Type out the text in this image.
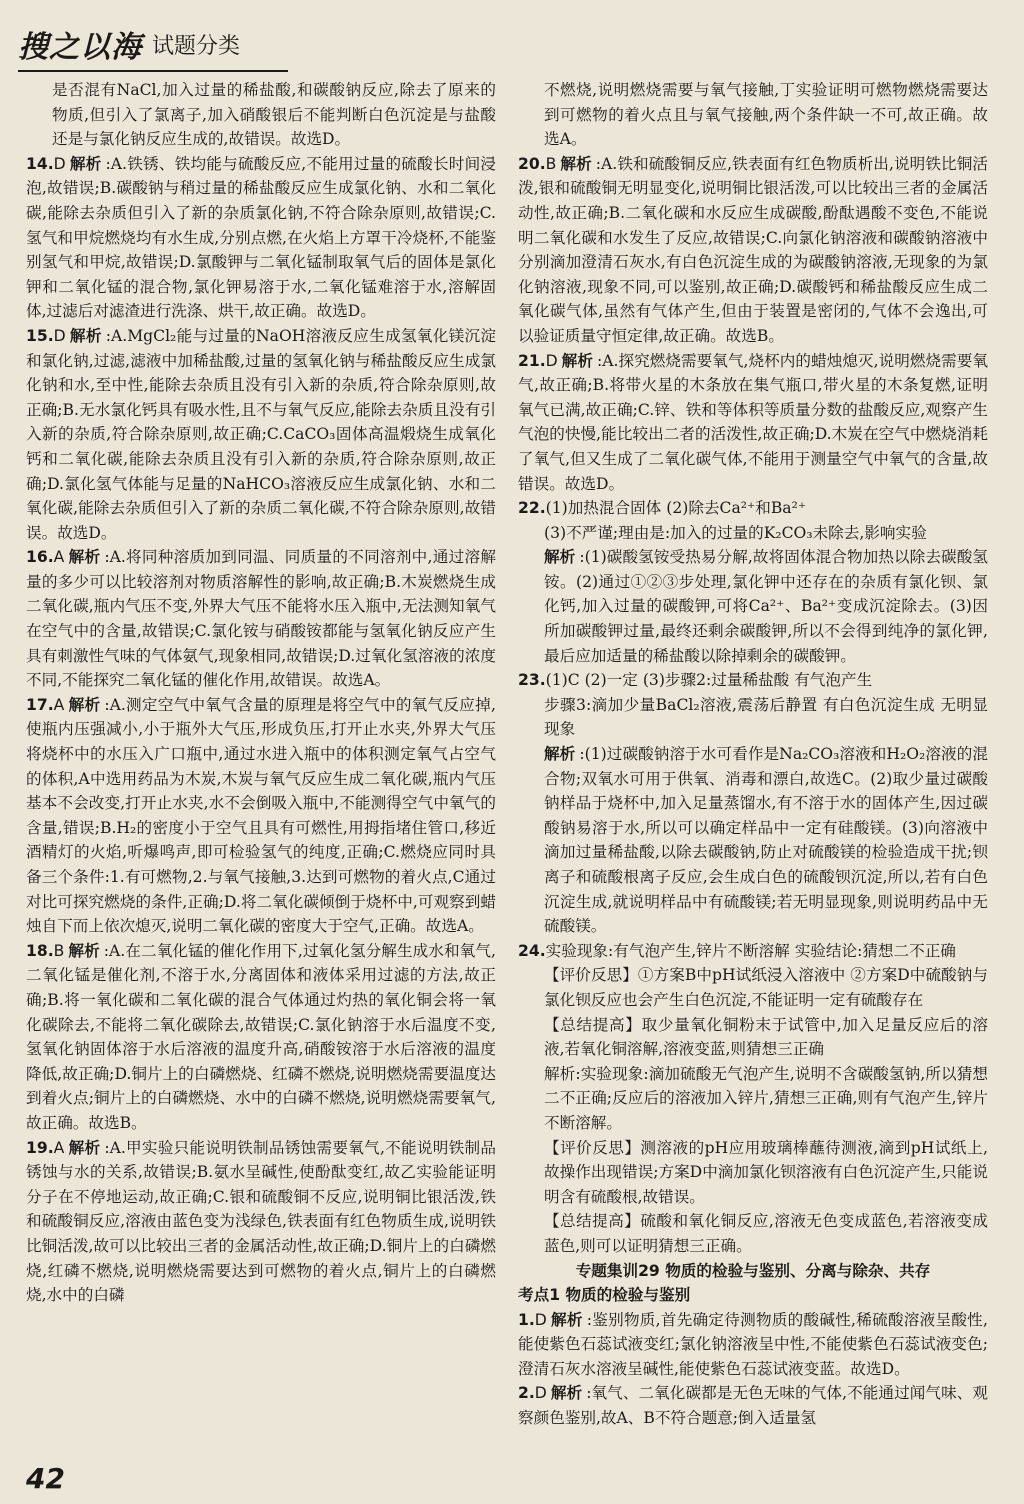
搜之以海 试题分类

是否混有NaCl,加入过量的稀盐酸,和碳酸钠反应,除去了原来的物质,但引入了氯离子,加入硝酸银后不能判断白色沉淀是与盐酸还是与氯化钠反应生成的,故错误。故选D。

14.D 解析 :A.铁锈、铁均能与硫酸反应,不能用过量的硫酸长时间浸泡,故错误;B.碳酸钠与稍过量的稀盐酸反应生成氯化钠、水和二氧化碳,能除去杂质但引入了新的杂质氯化钠,不符合除杂原则,故错误;C.氢气和甲烷燃烧均有水生成,分别点燃,在火焰上方罩干冷烧杯,不能鉴别氢气和甲烷,故错误;D.氯酸钾与二氧化锰制取氧气后的固体是氯化钾和二氧化锰的混合物,氯化钾易溶于水,二氧化锰难溶于水,溶解固体,过滤后对滤渣进行洗涤、烘干,故正确。故选D。

15.D 解析 :A.MgCl₂能与过量的NaOH溶液反应生成氢氧化镁沉淀和氯化钠,过滤,滤液中加稀盐酸,过量的氢氧化钠与稀盐酸反应生成氯化钠和水,至中性,能除去杂质且没有引入新的杂质,符合除杂原则,故正确;B.无水氯化钙具有吸水性,且不与氧气反应,能除去杂质且没有引入新的杂质,符合除杂原则,故正确;C.CaCO₃固体高温煅烧生成氧化钙和二氧化碳,能除去杂质且没有引入新的杂质,符合除杂原则,故正确;D.氯化氢气体能与足量的NaHCO₃溶液反应生成氯化钠、水和二氧化碳,能除去杂质但引入了新的杂质二氧化碳,不符合除杂原则,故错误。故选D。

16.A 解析 :A.将同种溶质加到同温、同质量的不同溶剂中,通过溶解量的多少可以比较溶剂对物质溶解性的影响,故正确;B.木炭燃烧生成二氧化碳,瓶内气压不变,外界大气压不能将水压入瓶中,无法测知氧气在空气中的含量,故错误;C.氯化铵与硝酸铵都能与氢氧化钠反应产生具有刺激性气味的气体氨气,现象相同,故错误;D.过氧化氢溶液的浓度不同,不能探究二氧化锰的催化作用,故错误。故选A。

17.A 解析 :A.测定空气中氧气含量的原理是将空气中的氧气反应掉,使瓶内压强减小,小于瓶外大气压,形成负压,打开止水夹,外界大气压将烧杯中的水压入广口瓶中,通过水进入瓶中的体积测定氧气占空气的体积,A中选用药品为木炭,木炭与氧气反应生成二氧化碳,瓶内气压基本不会改变,打开止水夹,水不会倒吸入瓶中,不能测得空气中氧气的含量,错误;B.H₂的密度小于空气且具有可燃性,用拇指堵住管口,移近酒精灯的火焰,听爆鸣声,即可检验氢气的纯度,正确;C.燃烧应同时具备三个条件:1.有可燃物,2.与氧气接触,3.达到可燃物的着火点,C通过对比可探究燃烧的条件,正确;D.将二氧化碳倾倒于烧杯中,可观察到蜡烛自下而上依次熄灭,说明二氧化碳的密度大于空气,正确。故选A。

18.B 解析 :A.在二氧化锰的催化作用下,过氧化氢分解生成水和氧气,二氧化锰是催化剂,不溶于水,分离固体和液体采用过滤的方法,故正确;B.将一氧化碳和二氧化碳的混合气体通过灼热的氧化铜会将一氧化碳除去,不能将二氧化碳除去,故错误;C.氯化钠溶于水后温度不变,氢氧化钠固体溶于水后溶液的温度升高,硝酸铵溶于水后溶液的温度降低,故正确;D.铜片上的白磷燃烧、红磷不燃烧,说明燃烧需要温度达到着火点;铜片上的白磷燃烧、水中的白磷不燃烧,说明燃烧需要氧气,故正确。故选B。

19.A 解析 :A.甲实验只能说明铁制品锈蚀需要氧气,不能说明铁制品锈蚀与水的关系,故错误;B.氨水呈碱性,使酚酞变红,故乙实验能证明分子在不停地运动,故正确;C.银和硫酸铜不反应,说明铜比银活泼,铁和硫酸铜反应,溶液由蓝色变为浅绿色,铁表面有红色物质生成,说明铁比铜活泼,故可以比较出三者的金属活动性,故正确;D.铜片上的白磷燃烧,红磷不燃烧,说明燃烧需要达到可燃物的着火点,铜片上的白磷燃烧,水中的白磷

不燃烧,说明燃烧需要与氧气接触,丁实验证明可燃物燃烧需要达到可燃物的着火点且与氧气接触,两个条件缺一不可,故正确。故选A。

20.B 解析 :A.铁和硫酸铜反应,铁表面有红色物质析出,说明铁比铜活泼,银和硫酸铜无明显变化,说明铜比银活泼,可以比较出三者的金属活动性,故正确;B.二氧化碳和水反应生成碳酸,酚酞遇酸不变色,不能说明二氧化碳和水发生了反应,故错误;C.向氯化钠溶液和碳酸钠溶液中分别滴加澄清石灰水,有白色沉淀生成的为碳酸钠溶液,无现象的为氯化钠溶液,现象不同,可以鉴别,故正确;D.碳酸钙和稀盐酸反应生成二氧化碳气体,虽然有气体产生,但由于装置是密闭的,气体不会逸出,可以验证质量守恒定律,故正确。故选B。

21.D 解析 :A.探究燃烧需要氧气,烧杯内的蜡烛熄灭,说明燃烧需要氧气,故正确;B.将带火星的木条放在集气瓶口,带火星的木条复燃,证明氧气已满,故正确;C.锌、铁和等体积等质量分数的盐酸反应,观察产生气泡的快慢,能比较出二者的活泼性,故正确;D.木炭在空气中燃烧消耗了氧气,但又生成了二氧化碳气体,不能用于测量空气中氧气的含量,故错误。故选D。

22.(1)加热混合固体 (2)除去Ca²⁺和Ba²⁺

(3)不严谨;理由是:加入的过量的K₂CO₃未除去,影响实验

解析 :(1)碳酸氢铵受热易分解,故将固体混合物加热以除去碳酸氢铵。(2)通过①②③步处理,氯化钾中还存在的杂质有氯化钡、氯化钙,加入过量的碳酸钾,可将Ca²⁺、Ba²⁺变成沉淀除去。(3)因所加碳酸钾过量,最终还剩余碳酸钾,所以不会得到纯净的氯化钾,最后应加适量的稀盐酸以除掉剩余的碳酸钾。

23.(1)C (2)一定 (3)步骤2:过量稀盐酸 有气泡产生

步骤3:滴加少量BaCl₂溶液,震荡后静置 有白色沉淀生成 无明显现象

解析 :(1)过碳酸钠溶于水可看作是Na₂CO₃溶液和H₂O₂溶液的混合物;双氧水可用于供氧、消毒和漂白,故选C。(2)取少量过碳酸钠样品于烧杯中,加入足量蒸馏水,有不溶于水的固体产生,因过碳酸钠易溶于水,所以可以确定样品中一定有硅酸镁。(3)向溶液中滴加过量稀盐酸,以除去碳酸钠,防止对硫酸镁的检验造成干扰;钡离子和硫酸根离子反应,会生成白色的硫酸钡沉淀,所以,若有白色沉淀生成,就说明样品中有硫酸镁;若无明显现象,则说明药品中无硫酸镁。

24.实验现象:有气泡产生,锌片不断溶解 实验结论:猜想二不正确

【评价反思】①方案B中pH试纸浸入溶液中 ②方案D中硫酸钠与氯化钡反应也会产生白色沉淀,不能证明一定有硫酸存在

【总结提高】取少量氧化铜粉末于试管中,加入足量反应后的溶液,若氧化铜溶解,溶液变蓝,则猜想三正确

解析:实验现象:滴加硫酸无气泡产生,说明不含碳酸氢钠,所以猜想二不正确;反应后的溶液加入锌片,猜想三正确,则有气泡产生,锌片不断溶解。

【评价反思】测溶液的pH应用玻璃棒蘸待测液,滴到pH试纸上,故操作出现错误;方案D中滴加氯化钡溶液有白色沉淀产生,只能说明含有硫酸根,故错误。

【总结提高】硫酸和氧化铜反应,溶液无色变成蓝色,若溶液变成蓝色,则可以证明猜想三正确。

专题集训29 物质的检验与鉴别、分离与除杂、共存

考点1 物质的检验与鉴别

1.D 解析 :鉴别物质,首先确定待测物质的酸碱性,稀硫酸溶液呈酸性,能使紫色石蕊试液变红;氯化钠溶液呈中性,不能使紫色石蕊试液变色;澄清石灰水溶液呈碱性,能使紫色石蕊试液变蓝。故选D。

2.D 解析 :氧气、二氧化碳都是无色无味的气体,不能通过闻气味、观察颜色鉴别,故A、B不符合题意;倒入适量氢

42
